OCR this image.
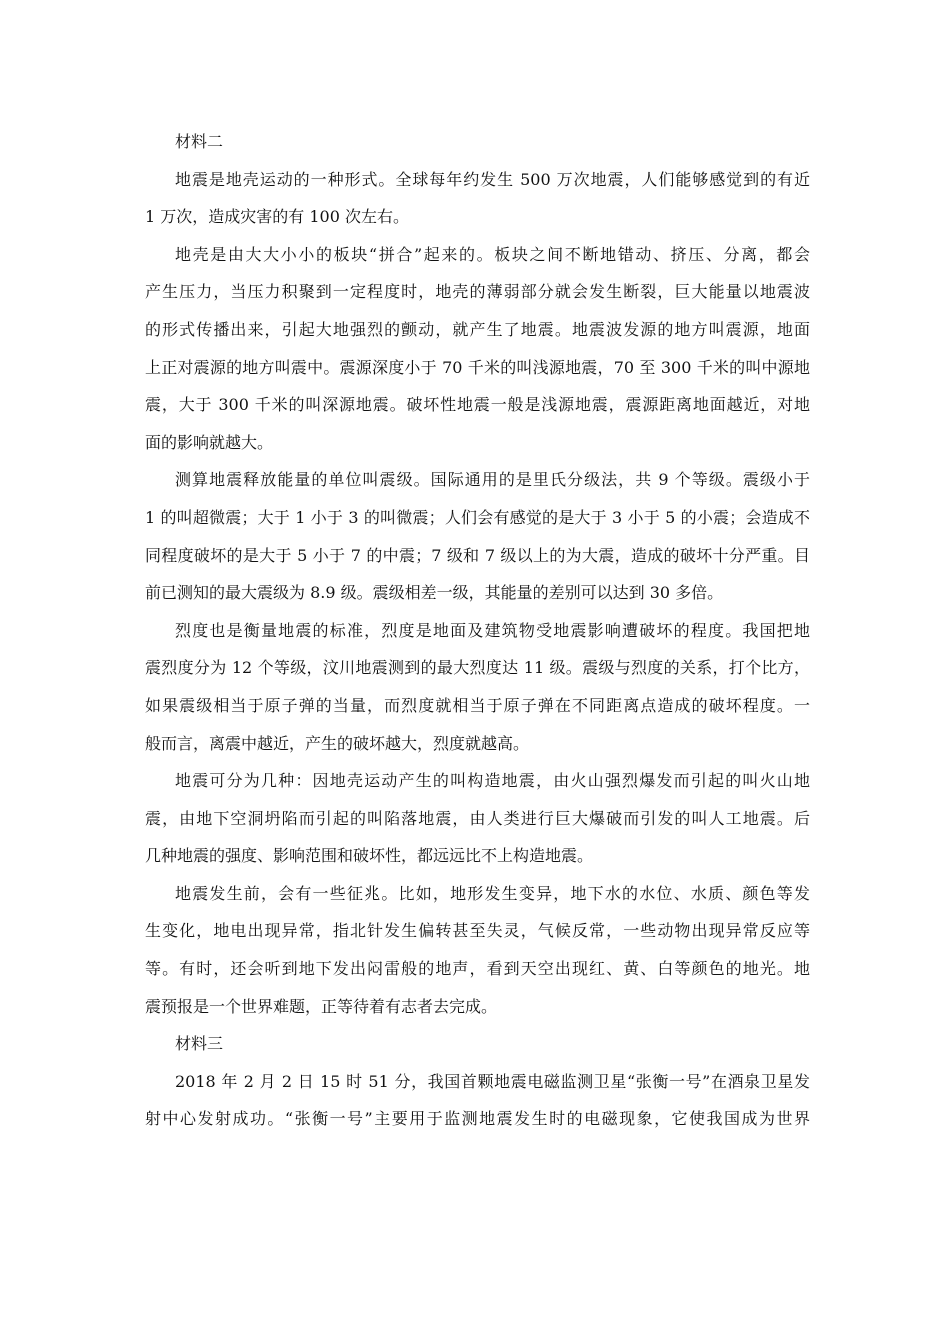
材料二
地震是地壳运动的一种形式。全球每年约发生 500 万次地震，人们能够感觉到的有近
1 万次，造成灾害的有 100 次左右。
地壳是由大大小小的板块“拼合”起来的。板块之间不断地错动、挤压、分离，都会
产生压力，当压力积聚到一定程度时，地壳的薄弱部分就会发生断裂，巨大能量以地震波
的形式传播出来，引起大地强烈的颤动，就产生了地震。地震波发源的地方叫震源，地面
上正对震源的地方叫震中。震源深度小于 70 千米的叫浅源地震，70 至 300 千米的叫中源地
震，大于 300 千米的叫深源地震。破坏性地震一般是浅源地震，震源距离地面越近，对地
面的影响就越大。
测算地震释放能量的单位叫震级。国际通用的是里氏分级法，共 9 个等级。震级小于
1 的叫超微震；大于 1 小于 3 的叫微震；人们会有感觉的是大于 3 小于 5 的小震；会造成不
同程度破坏的是大于 5 小于 7 的中震；7 级和 7 级以上的为大震，造成的破坏十分严重。目
前已测知的最大震级为 8.9 级。震级相差一级，其能量的差别可以达到 30 多倍。
烈度也是衡量地震的标准，烈度是地面及建筑物受地震影响遭破坏的程度。我国把地
震烈度分为 12 个等级，汶川地震测到的最大烈度达 11 级。震级与烈度的关系，打个比方，
如果震级相当于原子弹的当量，而烈度就相当于原子弹在不同距离点造成的破坏程度。一
般而言，离震中越近，产生的破坏越大，烈度就越高。
地震可分为几种：因地壳运动产生的叫构造地震，由火山强烈爆发而引起的叫火山地
震，由地下空洞坍陷而引起的叫陷落地震，由人类进行巨大爆破而引发的叫人工地震。后
几种地震的强度、影响范围和破坏性，都远远比不上构造地震。
地震发生前，会有一些征兆。比如，地形发生变异，地下水的水位、水质、颜色等发
生变化，地电出现异常，指北针发生偏转甚至失灵，气候反常，一些动物出现异常反应等
等。有时，还会听到地下发出闷雷般的地声，看到天空出现红、黄、白等颜色的地光。地
震预报是一个世界难题，正等待着有志者去完成。
材料三
2018 年 2 月 2 日 15 时 51 分，我国首颗地震电磁监测卫星“张衡一号”在酒泉卫星发
射中心发射成功。“张衡一号”主要用于监测地震发生时的电磁现象，它使我国成为世界
